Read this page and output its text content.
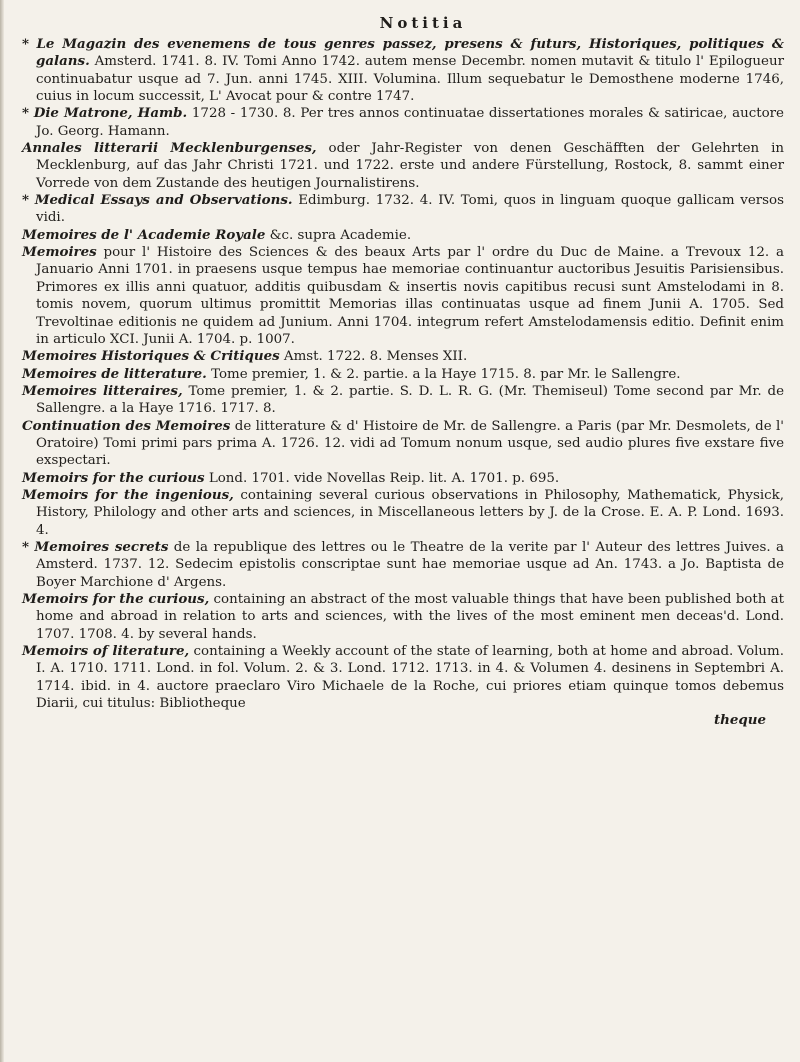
Notitia

* Le Magazin des evenemens de tous genres passez, presens & futurs, Historiques, politiques & galans. Amsterd. 1741. 8. IV. Tomi Anno 1742. autem mense Decembr. nomen mutavit & titulo l' Epilogueur continuabatur usque ad 7. Jun. anni 1745. XIII. Volumina. Illum sequebatur le Demosthene moderne 1746, cuius in locum successit, L' Avocat pour & contre 1747.

* Die Matrone, Hamb. 1728 - 1730. 8. Per tres annos continuatae dissertationes morales & satiricae, auctore Jo. Georg. Hamann.

Annales litterarii Mecklenburgenses, oder Jahr-Register von denen Geschäfften der Gelehrten in Mecklenburg, auf das Jahr Christi 1721. und 1722. erste und andere Fürstellung, Rostock, 8. sammt einer Vorrede von dem Zustande des heutigen Journalistirens.

* Medical Essays and Observations. Edimburg. 1732. 4. IV. Tomi, quos in linguam quoque gallicam versos vidi.

Memoires de l' Academie Royale &c. supra Academie.

Memoires pour l' Histoire des Sciences & des beaux Arts par l' ordre du Duc de Maine. a Trevoux 12. a Januario Anni 1701. in praesens usque tempus hae memoriae continuantur auctoribus Jesuitis Parisiensibus. Primores ex illis anni quatuor, additis quibusdam & insertis novis capitibus recusi sunt Amstelodami in 8. tomis novem, quorum ultimus promittit Memorias illas continuatas usque ad finem Junii A. 1705. Sed Trevoltinae editionis ne quidem ad Junium. Anni 1704. integrum refert Amstelodamensis editio. Definit enim in articulo XCI. Junii A. 1704. p. 1007.

Memoires Historiques & Critiques Amst. 1722. 8. Menses XII.

Memoires de litterature. Tome premier, 1. & 2. partie. a la Haye 1715. 8. par Mr. le Sallengre.

Memoires litteraires, Tome premier, 1. & 2. partie. S. D. L. R. G. (Mr. Themiseul) Tome second par Mr. de Sallengre. a la Haye 1716. 1717. 8.

Continuation des Memoires de litterature & d' Histoire de Mr. de Sallengre. a Paris (par Mr. Desmolets, de l' Oratoire) Tomi primi pars prima A. 1726. 12. vidi ad Tomum nonum usque, sed audio plures five exstare five exspectari.

Memoirs for the curious Lond. 1701. vide Novellas Reip. lit. A. 1701. p. 695.

Memoirs for the ingenious, containing several curious observations in Philosophy, Mathematick, Physick, History, Philology and other arts and sciences, in Miscellaneous letters by J. de la Crose. E. A. P. Lond. 1693. 4.

* Memoires secrets de la republique des lettres ou le Theatre de la verite par l' Auteur des lettres Juives. a Amsterd. 1737. 12. Sedecim epistolis conscriptae sunt hae memoriae usque ad An. 1743. a Jo. Baptista de Boyer Marchione d' Argens.

Memoirs for the curious, containing an abstract of the most valuable things that have been published both at home and abroad in relation to arts and sciences, with the lives of the most eminent men deceas'd. Lond. 1707. 1708. 4. by several hands.

Memoirs of literature, containing a Weekly account of the state of learning, both at home and abroad. Volum. I. A. 1710. 1711. Lond. in fol. Volum. 2. & 3. Lond. 1712. 1713. in 4. & Volumen 4. desinens in Septembri A. 1714. ibid. in 4. auctore praeclaro Viro Michaele de la Roche, cui priores etiam quinque tomos debemus Diarii, cui titulus: Bibliotheque

theque
